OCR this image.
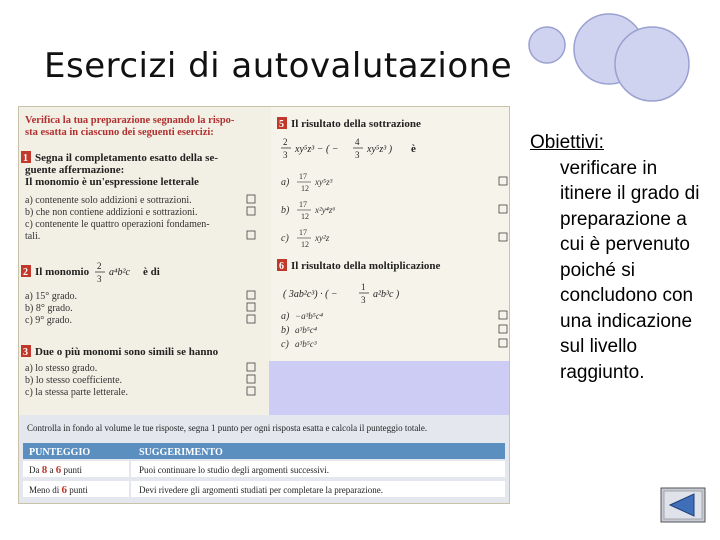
Esercizi di autovalutazione
Verifica la tua preparazione segnando la rispo-
sta esatta in ciascuno dei seguenti esercizi:
1 Segna il completamento esatto della se-
guente affermazione:
Il monomio è un'espressione letterale
a) contenente solo addizioni e sottrazioni.
b) che non contiene addizioni e sottrazioni.
c) contenente le quattro operazioni fondamen-
tali.
2 Il monomio 2
3
a⁴b²c è di
a) 15° grado.
b) 8° grado.
c) 9° grado.
3 Due o più monomi sono simili se hanno
a) lo stesso grado.
b) lo stesso coefficiente.
c) la stessa parte letterale.
5 Il risultato della sottrazione
2
3 xy⁵z³ − ( −
4
3 xy⁵z³ ) è
a)
17
12
xy⁵z³
b)
17
12
x²y⁴z⁶
c)
17
12
xy²z
6 Il risultato della moltiplicazione
( 3ab²c³) · ( −
1
3 a²b³c )
a) −a³b⁵c⁴
b) a³b⁵c⁴
c) a³b⁵c³
Controlla in fondo al volume le tue risposte, segna 1 punto per ogni risposta esatta e calcola il punteggio totale.
PUNTEGGIO	SUGGERIMENTO
Da 8 a 6 punti	Puoi continuare lo studio degli argomenti successivi.
Meno di 6 punti	Devi rivedere gli argomenti studiati per completare la preparazione.
Obiettivi:
verificare in itinere il grado di preparazione a cui è pervenuto poiché si concludono con una indicazione sul livello raggiunto.
